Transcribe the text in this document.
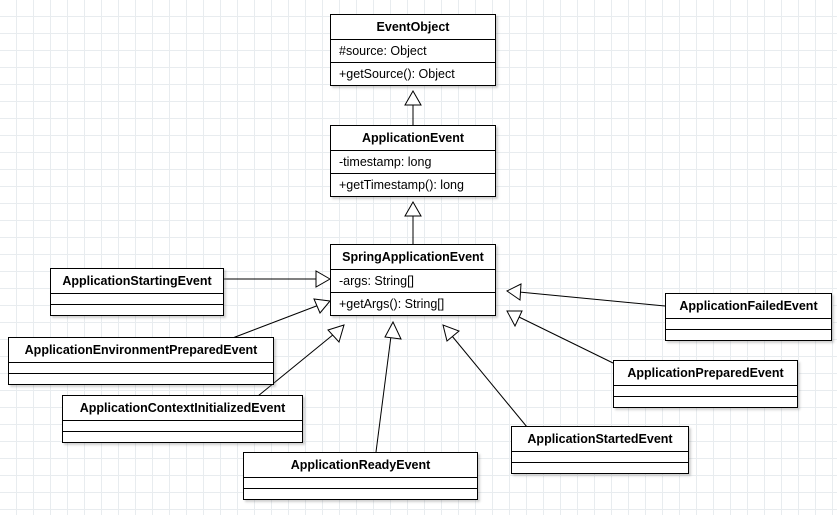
EventObject
#source: Object
+getSource(): Object
ApplicationEvent
-timestamp: long
+getTimestamp(): long
SpringApplicationEvent
-args: String[]
+getArgs(): String[]
ApplicationStartingEvent
ApplicationEnvironmentPreparedEvent
ApplicationContextInitializedEvent
ApplicationReadyEvent
ApplicationStartedEvent
ApplicationPreparedEvent
ApplicationFailedEvent
